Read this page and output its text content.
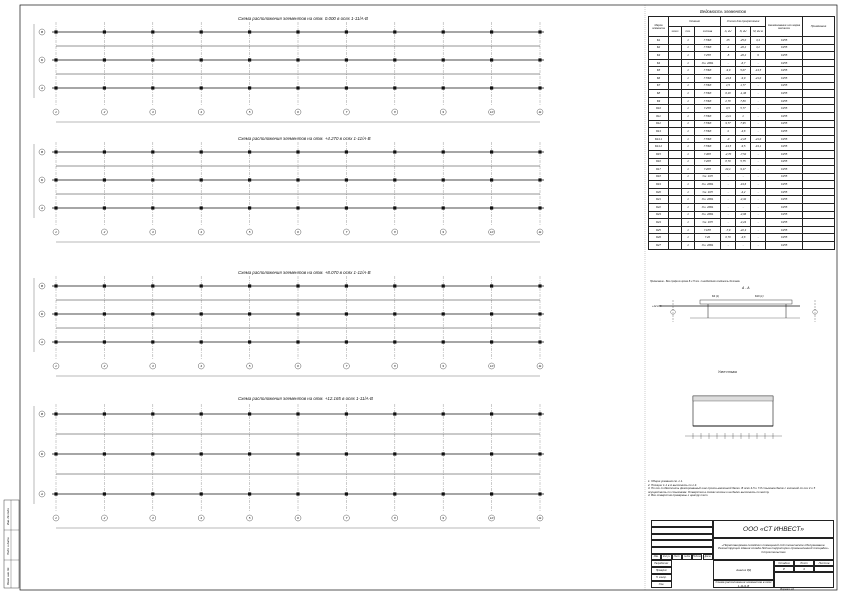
1	2	3	4	5	6	7	8	9	10	11
В
Б
А
1	2	3	4	5	6	7	8	9	10	11
В
Б
А
1	2	3	4	5	6	7	8	9	10	11
В
Б
А
1	2	3	4	5	6	7	8	9	10	11
В
Б
А
Взам. инв. №
Подп. и дата
Инв. № подл.
Схема расположения элементов на отм. 0.000 в осях 1-11/А-В
Схема расположения элементов на отм. +4.270 в осях 1-11/А-В
Схема расположения элементов на отм. +8.070 в осях 1-11/А-В
Схема расположения элементов на отм. +12.165 в осях 1-11/А-В
Ведомость элементов
Марка элемента	Сечение			Усилия для прикрепления			Наименование или марка металла	Примечание
	эскиз	поз.	состав	A, кН	N, кН	M, кН·м		
Б1		1	Г.7/БЗ	25	-25,0	3,4	С255	
Б2		1	Г.7/БЗ	-1	-20,2	3,2	С255	
Б3		1	Г.25П	-5	-20,2	9	С255	
Б4		1	Уш. 20Б1	-	-6,7	-	С255	
Б5		1	Г.7/БЗ	-9,0	5,07	-13,5	С255	
Б6		1	Г.7/БЗ	-24,6	-9,9	-21,0	С255	
Б7		1	Г.7/БЗ	1,5	1,77	-	С255	
Б8		1	Г.7/БЗ	6,18	-1,36	-	С255	
Б9		1	Г.7/БЗ	2,78	7,89	-	С255	
Б10		1	Г.25П	0,5	5,77	-	С255	
Б11		1	Г.7/БЗ	-4,11	1	-	С255	
Б12		1	Г.7/БЗ	9,77	7,95	-	С255	
Б13		1	Г.7/БЗ	4	-3,8	-	С255	
Б14.1		1	Г.7/БЗ	-0	-2,18	-21,0	С255	
Б14.2		1	Г.7/БЗ	-13,5	-9,5	-19,1	С255	
Б15		1	Г.40П	-2,70	-7,52	-	С255	
Б16		1	Г.20П	8,70	5,75	-	С255	
Б17		1	Г.20П	24,1	9,17	-	С255	
Б18		1	Уш. 10П	-	-	-	С255	
Б19		1	Уш. 20Б1	-	-19,6	-	С255	
Б20		1	Уш. 16П	-	-4,2	-	С255	
Б21		1	Уш. 20Б1	-	-4,32	-	С255	
Б22		1	Уш. 20Б1	-	-	-	С255	
Б23		1	Уш. 20Б1	-	-4,96	-	С255	
Б24		1	Уш. 18П	-	-4,24	-	С255	
Б25		1	Г.18П	-7,9	-22,3	-	С255	
Б26		1	Г.20	0,79	-3,8	-	С255	
Б27		1	Уш. 20Б1	-	-	-	С255	
Примечание - Все профили кроме Б и Н поз. 1 необходимо соединить болтами.
А - А
+12.165
Б4 (1)	Б16 (1)
Узел стыка
1. Общие указания см. л.1.
2. Позиции 1-1 в А выполнить по л.4.
3. По оси А обеспечить фиксированный шаг прогон-наклонной балки. В осях 4-5 и 7-8 стыковка балок с колонной по оси 4 и 5 осуществить по стыковкам. Отверстия в полках колонн и на балки выполнить по месту.
4. Все отверстия приварены к центру плит.
ООО «СТ ИНВЕСТ»
«Перепланировка складских помещений под техническое обслуживание. Реконструкция здания склада №3 на территории промышленной площадки» Строительство
Анализ РД
Стадия	Лист	Листов
Р	3
Схема расположения элементов в осях 1-11/А-В
Изм.	Кол.уч	Лист	№док	Подпись	Дата
Разработал
Проверил
Н. контр.
Утв.
Формат А1
